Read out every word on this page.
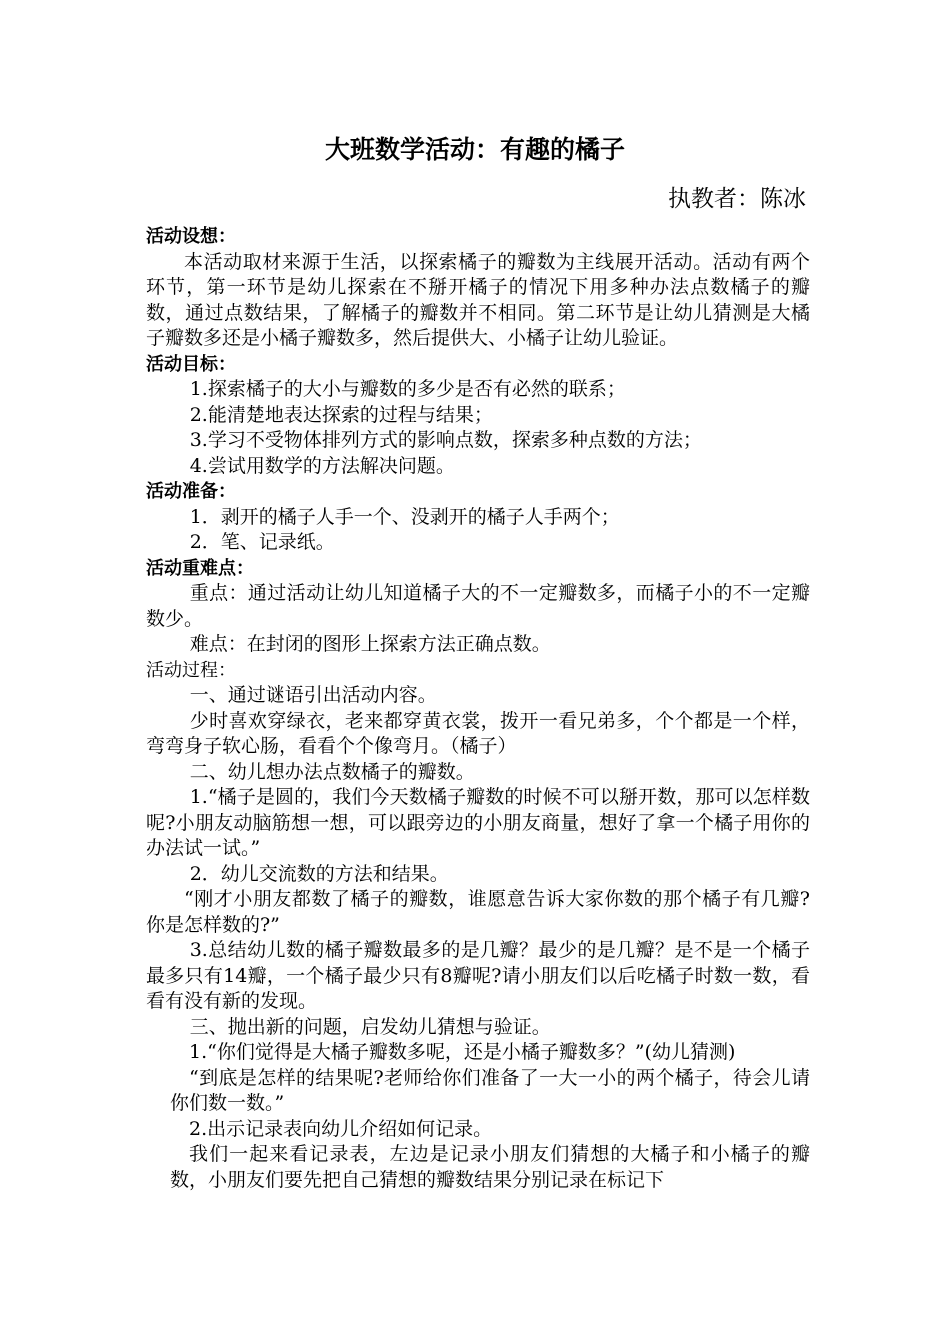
大班数学活动：有趣的橘子
执教者：陈冰

活动设想：

本活动取材来源于生活，以探索橘子的瓣数为主线展开活动。活动有两个环节，第一环节是幼儿探索在不掰开橘子的情况下用多种办法点数橘子的瓣数，通过点数结果，了解橘子的瓣数并不相同。第二环节是让幼儿猜测是大橘子瓣数多还是小橘子瓣数多，然后提供大、小橘子让幼儿验证。

活动目标：

1.探索橘子的大小与瓣数的多少是否有必然的联系；

2.能清楚地表达探索的过程与结果；

3.学习不受物体排列方式的影响点数，探索多种点数的方法；

4.尝试用数学的方法解决问题。

活动准备：

1．剥开的橘子人手一个、没剥开的橘子人手两个；

2．笔、记录纸。

活动重难点：

重点：通过活动让幼儿知道橘子大的不一定瓣数多，而橘子小的不一定瓣数少。

难点：在封闭的图形上探索方法正确点数。

活动过程：

一、通过谜语引出活动内容。

少时喜欢穿绿衣，老来都穿黄衣裳，拨开一看兄弟多，个个都是一个样， 弯弯身子软心肠，看看个个像弯月。（橘子）

二、幼儿想办法点数橘子的瓣数。

1.“橘子是圆的，我们今天数橘子瓣数的时候不可以掰开数，那可以怎样数呢?小朋友动脑筋想一想，可以跟旁边的小朋友商量，想好了拿一个橘子用你的办法试一试。”

2．幼儿交流数的方法和结果。

“刚才小朋友都数了橘子的瓣数，谁愿意告诉大家你数的那个橘子有几瓣?你是怎样数的?”

3.总结幼儿数的橘子瓣数最多的是几瓣？最少的是几瓣？是不是一个橘子最多只有14瓣，一个橘子最少只有8瓣呢?请小朋友们以后吃橘子时数一数，看看有没有新的发现。

三、抛出新的问题，启发幼儿猜想与验证。

1.“你们觉得是大橘子瓣数多呢，还是小橘子瓣数多？”(幼儿猜测)

“到底是怎样的结果呢?老师给你们准备了一大一小的两个橘子，待会儿请你们数一数。”

2.出示记录表向幼儿介绍如何记录。

我们一起来看记录表，左边是记录小朋友们猜想的大橘子和小橘子的瓣数，小朋友们要先把自己猜想的瓣数结果分别记录在标记下
